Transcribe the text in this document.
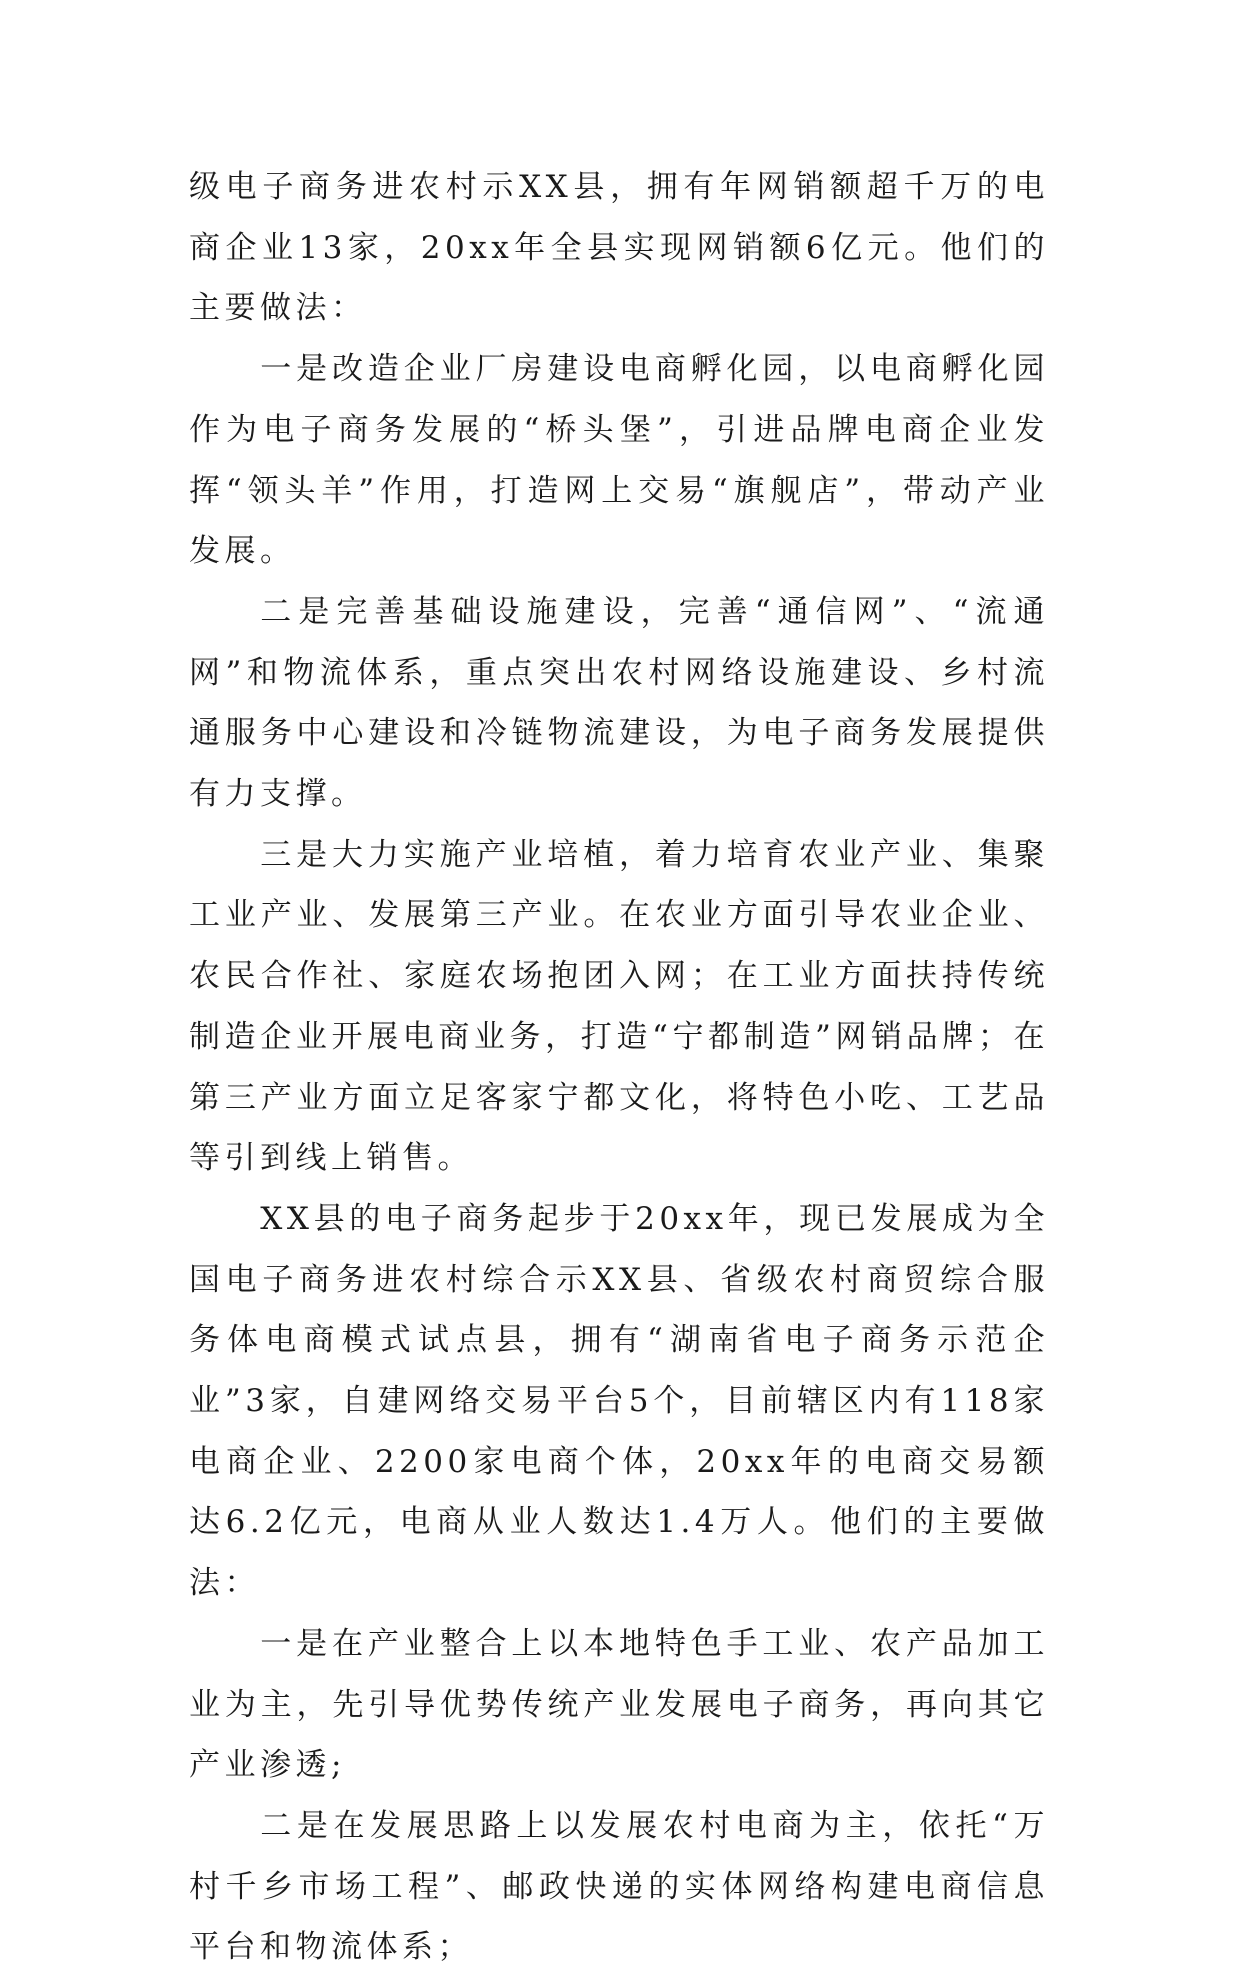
级电子商务进农村示XX县，拥有年网销额超千万的电商企业13家，20xx年全县实现网销额6亿元。他们的主要做法：

一是改造企业厂房建设电商孵化园，以电商孵化园作为电子商务发展的“桥头堡”，引进品牌电商企业发挥“领头羊”作用，打造网上交易“旗舰店”，带动产业发展。

二是完善基础设施建设，完善“通信网”、“流通网”和物流体系，重点突出农村网络设施建设、乡村流通服务中心建设和冷链物流建设，为电子商务发展提供有力支撑。

三是大力实施产业培植，着力培育农业产业、集聚工业产业、发展第三产业。在农业方面引导农业企业、农民合作社、家庭农场抱团入网；在工业方面扶持传统制造企业开展电商业务，打造“宁都制造”网销品牌；在第三产业方面立足客家宁都文化，将特色小吃、工艺品等引到线上销售。

XX县的电子商务起步于20xx年，现已发展成为全国电子商务进农村综合示XX县、省级农村商贸综合服务体电商模式试点县，拥有“湖南省电子商务示范企业”3家，自建网络交易平台5个，目前辖区内有118家电商企业、2200家电商个体，20xx年的电商交易额达6.2亿元，电商从业人数达1.4万人。他们的主要做法：

一是在产业整合上以本地特色手工业、农产品加工业为主，先引导优势传统产业发展电子商务，再向其它产业渗透;

二是在发展思路上以发展农村电商为主，依托“万村千乡市场工程”、邮政快递的实体网络构建电商信息平台和物流体系；
